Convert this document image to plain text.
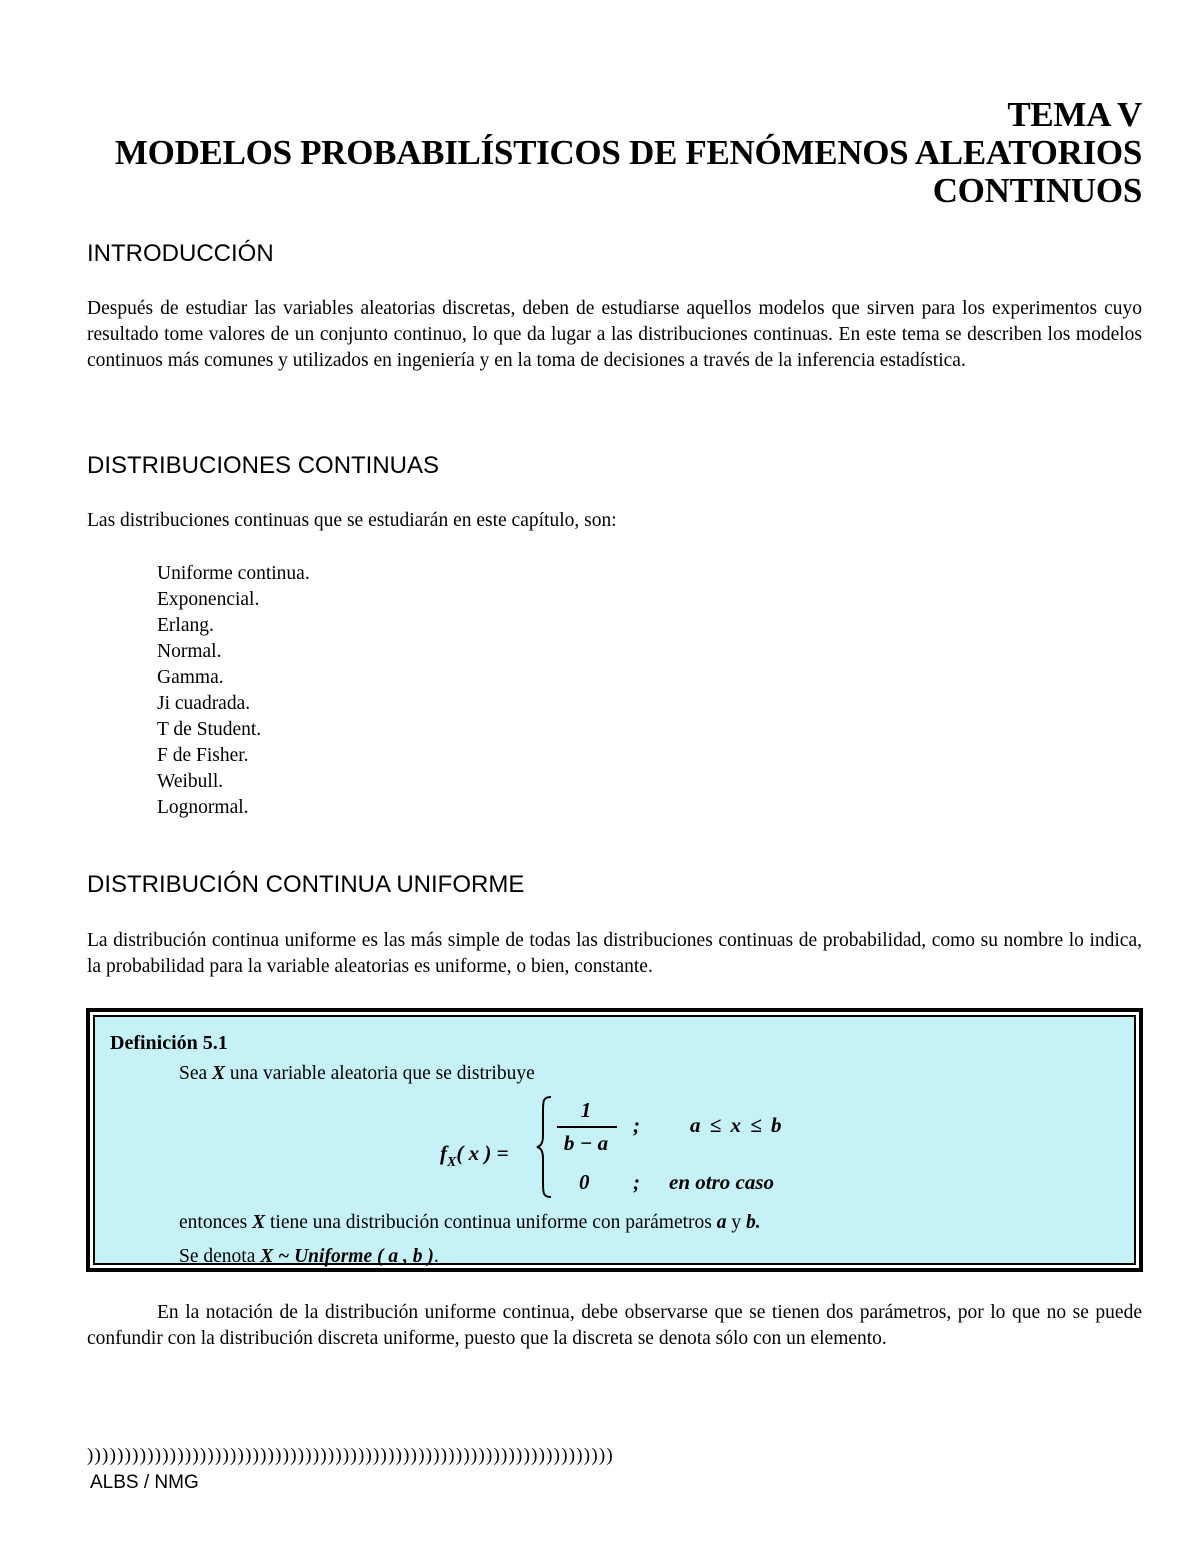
TEMA V
MODELOS PROBABILÍSTICOS DE FENÓMENOS ALEATORIOS
CONTINUOS
INTRODUCCIÓN

Después de estudiar las variables aleatorias discretas, deben de estudiarse aquellos modelos que sirven para los experimentos cuyo resultado tome valores de un conjunto continuo, lo que da lugar a las distribuciones continuas. En este tema se describen los modelos continuos más comunes y utilizados en ingeniería y en la toma de decisiones a través de la inferencia estadística.

DISTRIBUCIONES CONTINUAS

Las distribuciones continuas que se estudiarán en este capítulo, son:

Uniforme continua.
Exponencial.
Erlang.
Normal.
Gamma.
Ji cuadrada.
T de Student.
F de Fisher.
Weibull.
Lognormal.
DISTRIBUCIÓN CONTINUA UNIFORME

La distribución continua uniforme es las más simple de todas las distribuciones continuas de probabilidad, como su nombre lo indica, la probabilidad para la variable aleatorias es uniforme, o bien, constante.

Definición 5.1
Sea X una variable aleatoria que se distribuye
$f_X$( x ) =
1
b − a
; a ≤ x ≤ b
0 ; en otro caso
entonces X tiene una distribución continua uniforme con parámetros a y b.
Se denota X ~ Uniforme ( a , b ).

En la notación de la distribución uniforme continua, debe observarse que se tienen dos parámetros, por lo que no se puede confundir con la distribución discreta uniforme, puesto que la discreta se denota sólo con un elemento.

))))))))))))))))))))))))))))))))))))))))))))))))))))))))))))))))))))))
ALBS / NMG
